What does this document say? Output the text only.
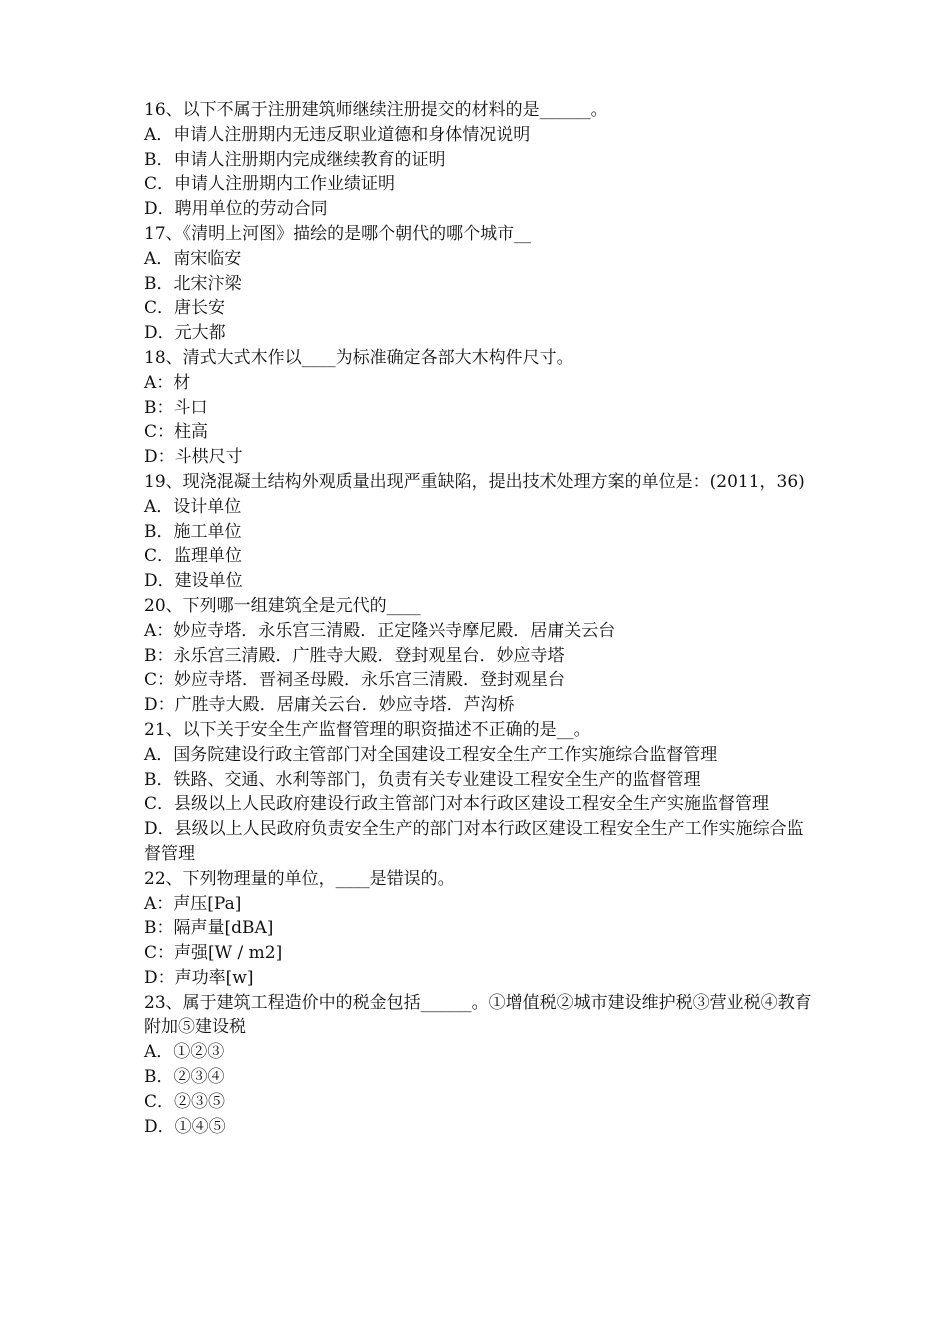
16、以下不属于注册建筑师继续注册提交的材料的是______。

A．申请人注册期内无违反职业道德和身体情况说明
B．申请人注册期内完成继续教育的证明
C．申请人注册期内工作业绩证明
D．聘用单位的劳动合同

17、《清明上河图》描绘的是哪个朝代的哪个城市__

A．南宋临安
B．北宋汴梁
C．唐长安
D．元大都

18、清式大式木作以____为标准确定各部大木构件尺寸。

A：材
B：斗口
C：柱高
D：斗栱尺寸

19、现浇混凝土结构外观质量出现严重缺陷，提出技术处理方案的单位是：(2011，36)

A．设计单位
B．施工单位
C．监理单位
D．建设单位

20、下列哪一组建筑全是元代的____

A：妙应寺塔．永乐宫三清殿．正定隆兴寺摩尼殿．居庸关云台
B：永乐宫三清殿．广胜寺大殿．登封观星台．妙应寺塔
C：妙应寺塔．晋祠圣母殿．永乐宫三清殿．登封观星台
D：广胜寺大殿．居庸关云台．妙应寺塔．芦沟桥

21、以下关于安全生产监督管理的职资描述不正确的是__。

A．国务院建设行政主管部门对全国建设工程安全生产工作实施综合监督管理
B．铁路、交通、水利等部门，负责有关专业建设工程安全生产的监督管理
C．县级以上人民政府建设行政主管部门对本行政区建设工程安全生产实施监督管理
D．县级以上人民政府负责安全生产的部门对本行政区建设工程安全生产工作实施综合监督管理

22、下列物理量的单位，____是错误的。

A：声压[Pa]
B：隔声量[dBA]
C：声强[W / m2]
D：声功率[w]

23、属于建筑工程造价中的税金包括______。①增值税②城市建设维护税③营业税④教育附加⑤建设税

A．①②③
B．②③④
C．②③⑤
D．①④⑤
